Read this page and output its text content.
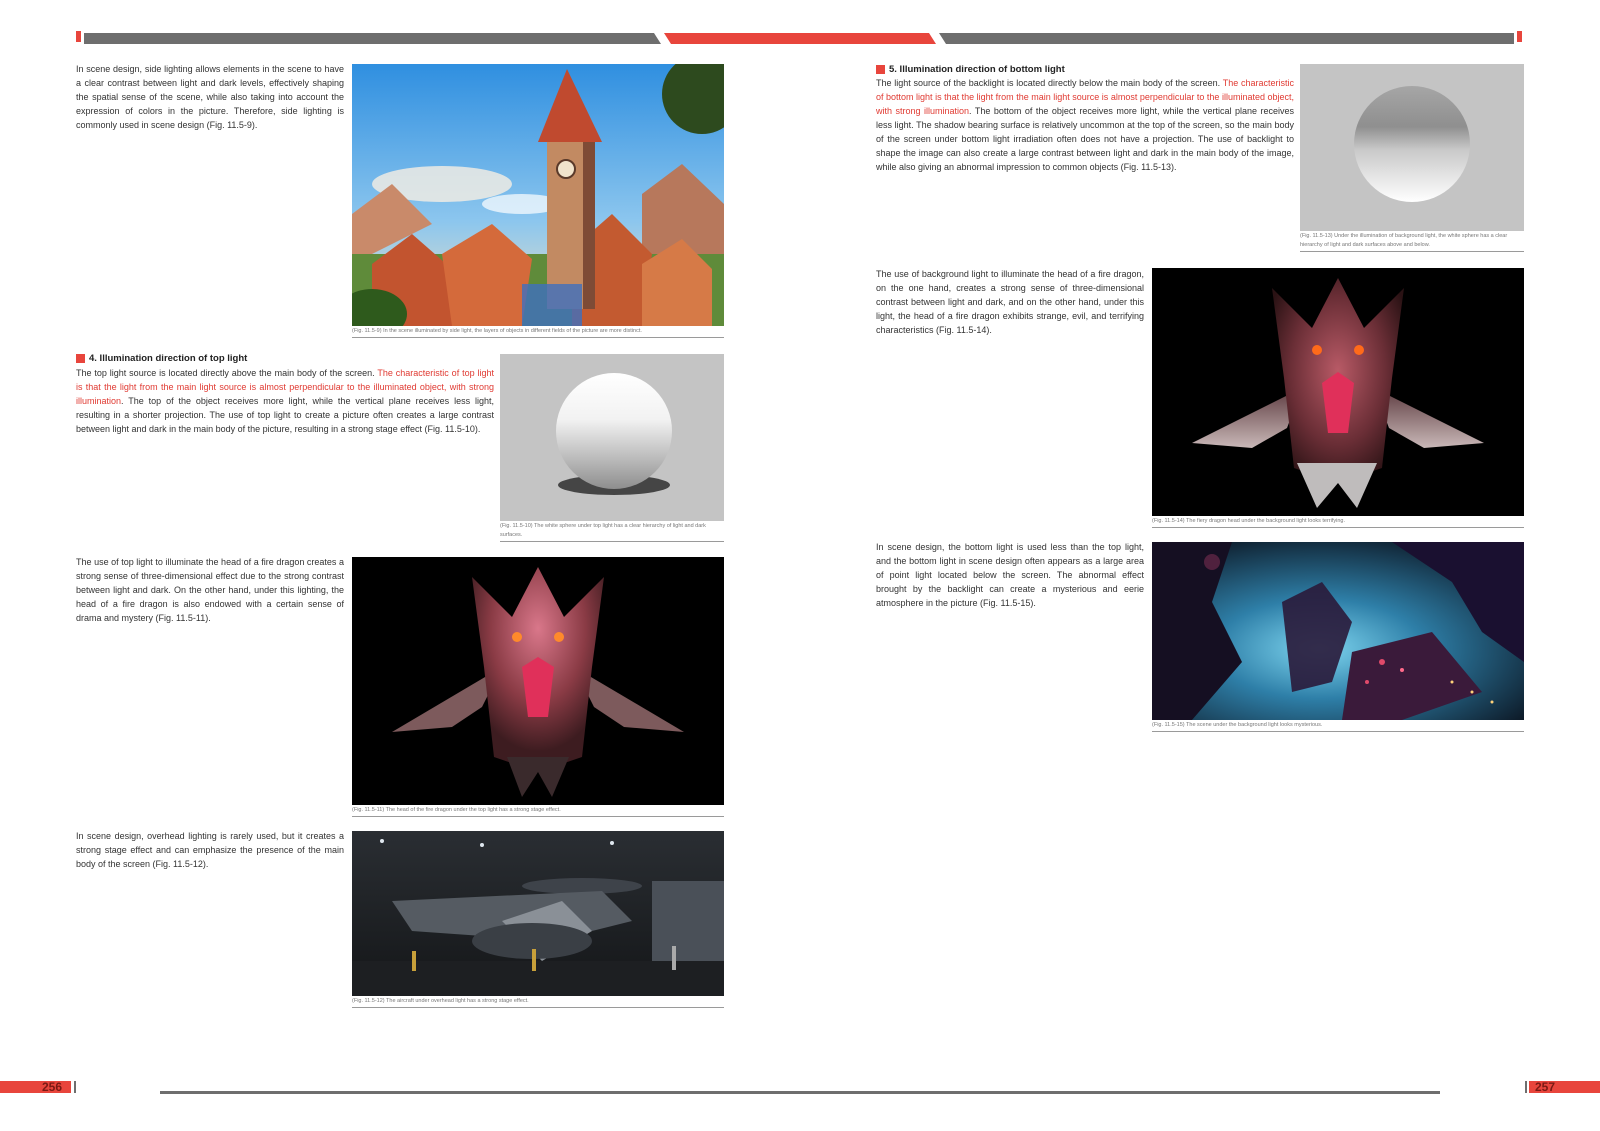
In scene design, side lighting allows elements in the scene to have a clear contrast between light and dark levels, effectively shaping the spatial sense of the scene, while also taking into account the expression of colors in the picture. Therefore, side lighting is commonly used in scene design (Fig. 11.5-9).
(Fig. 11.5-9) In the scene illuminated by side light, the layers of objects in different fields of the picture are more distinct.
4. Illumination direction of top light
The top light source is located directly above the main body of the screen. The characteristic of top light is that the light from the main light source is almost perpendicular to the illuminated object, with strong illumination. The top of the object receives more light, while the vertical plane receives less light, resulting in a shorter projection. The use of top light to create a picture often creates a large contrast between light and dark in the main body of the picture, resulting in a strong stage effect (Fig. 11.5-10).
(Fig. 11.5-10) The white sphere under top light has a clear hierarchy of light and dark surfaces.
The use of top light to illuminate the head of a fire dragon creates a strong sense of three-dimensional effect due to the strong contrast between light and dark. On the other hand, under this lighting, the head of a fire dragon is also endowed with a certain sense of drama and mystery (Fig. 11.5-11).
(Fig. 11.5-11) The head of the fire dragon under the top light has a strong stage effect.
In scene design, overhead lighting is rarely used, but it creates a strong stage effect and can emphasize the presence of the main body of the screen (Fig. 11.5-12).
(Fig. 11.5-12) The aircraft under overhead light has a strong stage effect.
5. Illumination direction of bottom light
The light source of the backlight is located directly below the main body of the screen. The characteristic of bottom light is that the light from the main light source is almost perpendicular to the illuminated object, with strong illumination. The bottom of the object receives more light, while the vertical plane receives less light. The shadow bearing surface is relatively uncommon at the top of the screen, so the main body of the screen under bottom light irradiation often does not have a projection. The use of backlight to shape the image can also create a large contrast between light and dark in the main body of the image, while also giving an abnormal impression to common objects (Fig. 11.5-13).
(Fig. 11.5-13) Under the illumination of background light, the white sphere has a clear hierarchy of light and dark surfaces above and below.
The use of background light to illuminate the head of a fire dragon, on the one hand, creates a strong sense of three-dimensional contrast between light and dark, and on the other hand, under this light, the head of a fire dragon exhibits strange, evil, and terrifying characteristics (Fig. 11.5-14).
(Fig. 11.5-14) The fiery dragon head under the background light looks terrifying.
In scene design, the bottom light is used less than the top light, and the bottom light in scene design often appears as a large area of point light located below the screen. The abnormal effect brought by the backlight can create a mysterious and eerie atmosphere in the picture (Fig. 11.5-15).
(Fig. 11.5-15) The scene under the background light looks mysterious.
256	257
